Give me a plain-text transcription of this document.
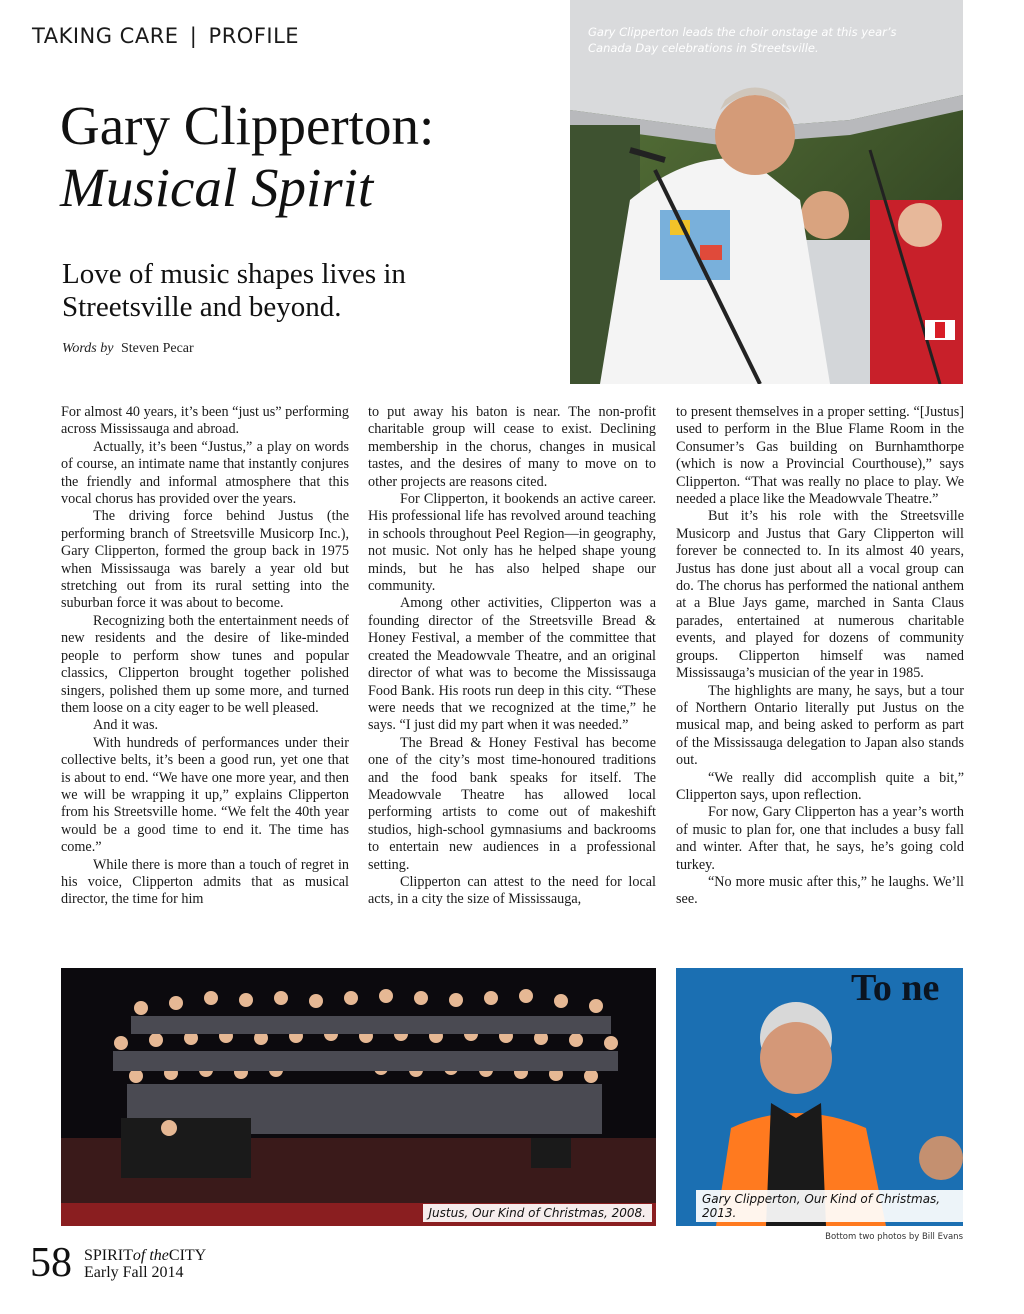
TAKING CARE | PROFILE
Gary Clipperton:
Musical Spirit
Love of music shapes lives in Streetsville and beyond.
Words by Steven Pecar
Gary Clipperton leads the choir onstage at this year’s Canada Day celebrations in Streetsville.

For almost 40 years, it’s been “just us” performing across Mississauga and abroad.

Actually, it’s been “Justus,” a play on words of course, an intimate name that instantly conjures the friendly and informal atmosphere that this vocal chorus has provided over the years.

The driving force behind Justus (the performing branch of Streetsville Musicorp Inc.), Gary Clipperton, formed the group back in 1975 when Mississauga was barely a year old but stretching out from its rural setting into the suburban force it was about to become.

Recognizing both the entertainment needs of new residents and the desire of like-minded people to perform show tunes and popular classics, Clipperton brought together polished singers, polished them up some more, and turned them loose on a city eager to be well pleased.

And it was.

With hundreds of performances under their collective belts, it’s been a good run, yet one that is about to end. “We have one more year, and then we will be wrapping it up,” explains Clipperton from his Streetsville home. “We felt the 40th year would be a good time to end it. The time has come.”

While there is more than a touch of regret in his voice, Clipperton admits that as musical director, the time for him

to put away his baton is near. The non-profit charitable group will cease to exist. Declining membership in the chorus, changes in musical tastes, and the desires of many to move on to other projects are reasons cited.

For Clipperton, it bookends an active career. His professional life has revolved around teaching in schools throughout Peel Region—in geography, not music. Not only has he helped shape young minds, but he has also helped shape our community.

Among other activities, Clipperton was a founding director of the Streetsville Bread & Honey Festival, a member of the committee that created the Meadowvale Theatre, and an original director of what was to become the Mississauga Food Bank. His roots run deep in this city. “These were needs that we recognized at the time,” he says. “I just did my part when it was needed.”

The Bread & Honey Festival has become one of the city’s most time-honoured traditions and the food bank speaks for itself. The Meadowvale Theatre has allowed local performing artists to come out of makeshift studios, high-school gymnasiums and backrooms to entertain new audiences in a professional setting.

Clipperton can attest to the need for local acts, in a city the size of Mississauga,

to present themselves in a proper setting. “[Justus] used to perform in the Blue Flame Room in the Consumer’s Gas building on Burnhamthorpe (which is now a Provincial Courthouse),” says Clipperton. “That was really no place to play. We needed a place like the Meadowvale Theatre.”

But it’s his role with the Streetsville Musicorp and Justus that Gary Clipperton will forever be connected to. In its almost 40 years, Justus has done just about all a vocal group can do. The chorus has performed the national anthem at a Blue Jays game, marched in Santa Claus parades, entertained at numerous charitable events, and played for dozens of community groups. Clipperton himself was named Mississauga’s musician of the year in 1985.

The highlights are many, he says, but a tour of Northern Ontario literally put Justus on the musical map, and being asked to perform as part of the Mississauga delegation to Japan also stands out.

“We really did accomplish quite a bit,” Clipperton says, upon reflection.

For now, Gary Clipperton has a year’s worth of music to plan for, one that includes a busy fall and winter. After that, he says, he’s going cold turkey.

“No more music after this,” he laughs. We’ll see.

Justus, Our Kind of Christmas, 2008.
To ne
Gary Clipperton, Our Kind of Christmas, 2013.
Bottom two photos by Bill Evans
58 SPIRITof theCITY
Early Fall 2014
